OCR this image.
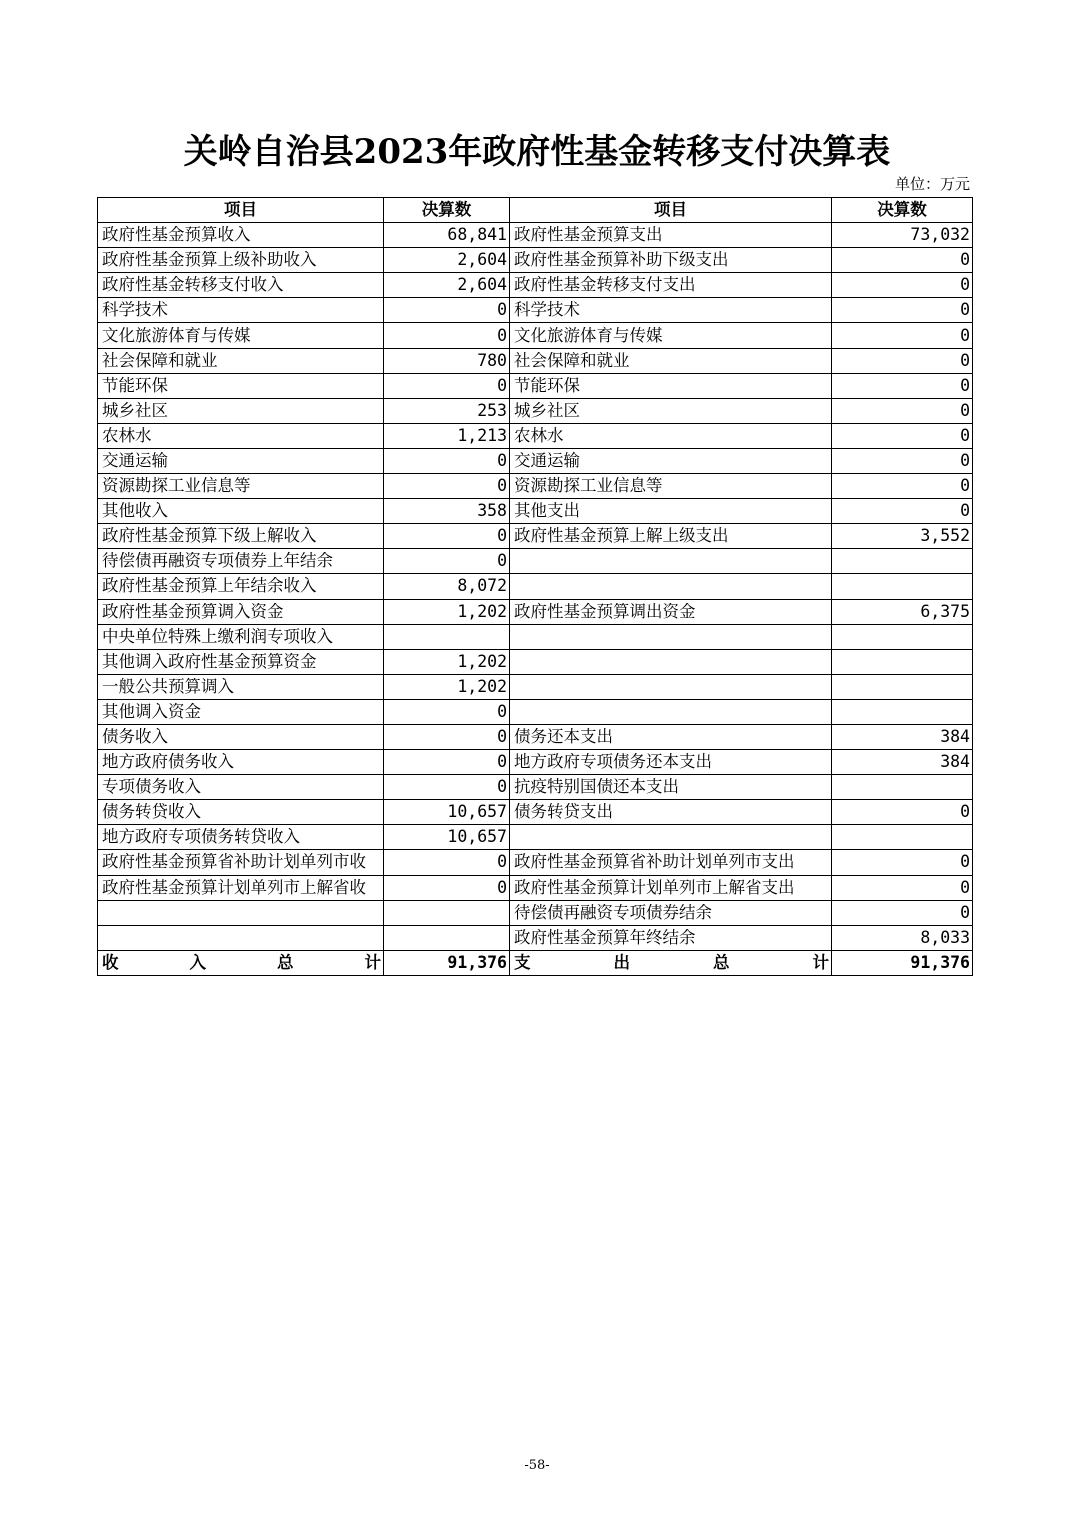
关岭自治县2023年政府性基金转移支付决算表
单位：万元
项目	决算数	项目	决算数
政府性基金预算收入	68,841	政府性基金预算支出	73,032
政府性基金预算上级补助收入	2,604	政府性基金预算补助下级支出	0
政府性基金转移支付收入	2,604	政府性基金转移支付支出	0
科学技术	0	科学技术	0
文化旅游体育与传媒	0	文化旅游体育与传媒	0
社会保障和就业	780	社会保障和就业	0
节能环保	0	节能环保	0
城乡社区	253	城乡社区	0
农林水	1,213	农林水	0
交通运输	0	交通运输	0
资源勘探工业信息等	0	资源勘探工业信息等	0
其他收入	358	其他支出	0
政府性基金预算下级上解收入	0	政府性基金预算上解上级支出	3,552
待偿债再融资专项债券上年结余	0		
政府性基金预算上年结余收入	8,072		
政府性基金预算调入资金	1,202	政府性基金预算调出资金	6,375
中央单位特殊上缴利润专项收入			
其他调入政府性基金预算资金	1,202		
一般公共预算调入	1,202		
其他调入资金	0		
债务收入	0	债务还本支出	384
地方政府债务收入	0	地方政府专项债务还本支出	384
专项债务收入	0	抗疫特别国债还本支出	
债务转贷收入	10,657	债务转贷支出	0
地方政府专项债务转贷收入	10,657		
政府性基金预算省补助计划单列市收	0	政府性基金预算省补助计划单列市支出	0
政府性基金预算计划单列市上解省收	0	政府性基金预算计划单列市上解省支出	0
		待偿债再融资专项债券结余	0
		政府性基金预算年终结余	8,033
收入总计	91,376	支出总计	91,376
-58-
